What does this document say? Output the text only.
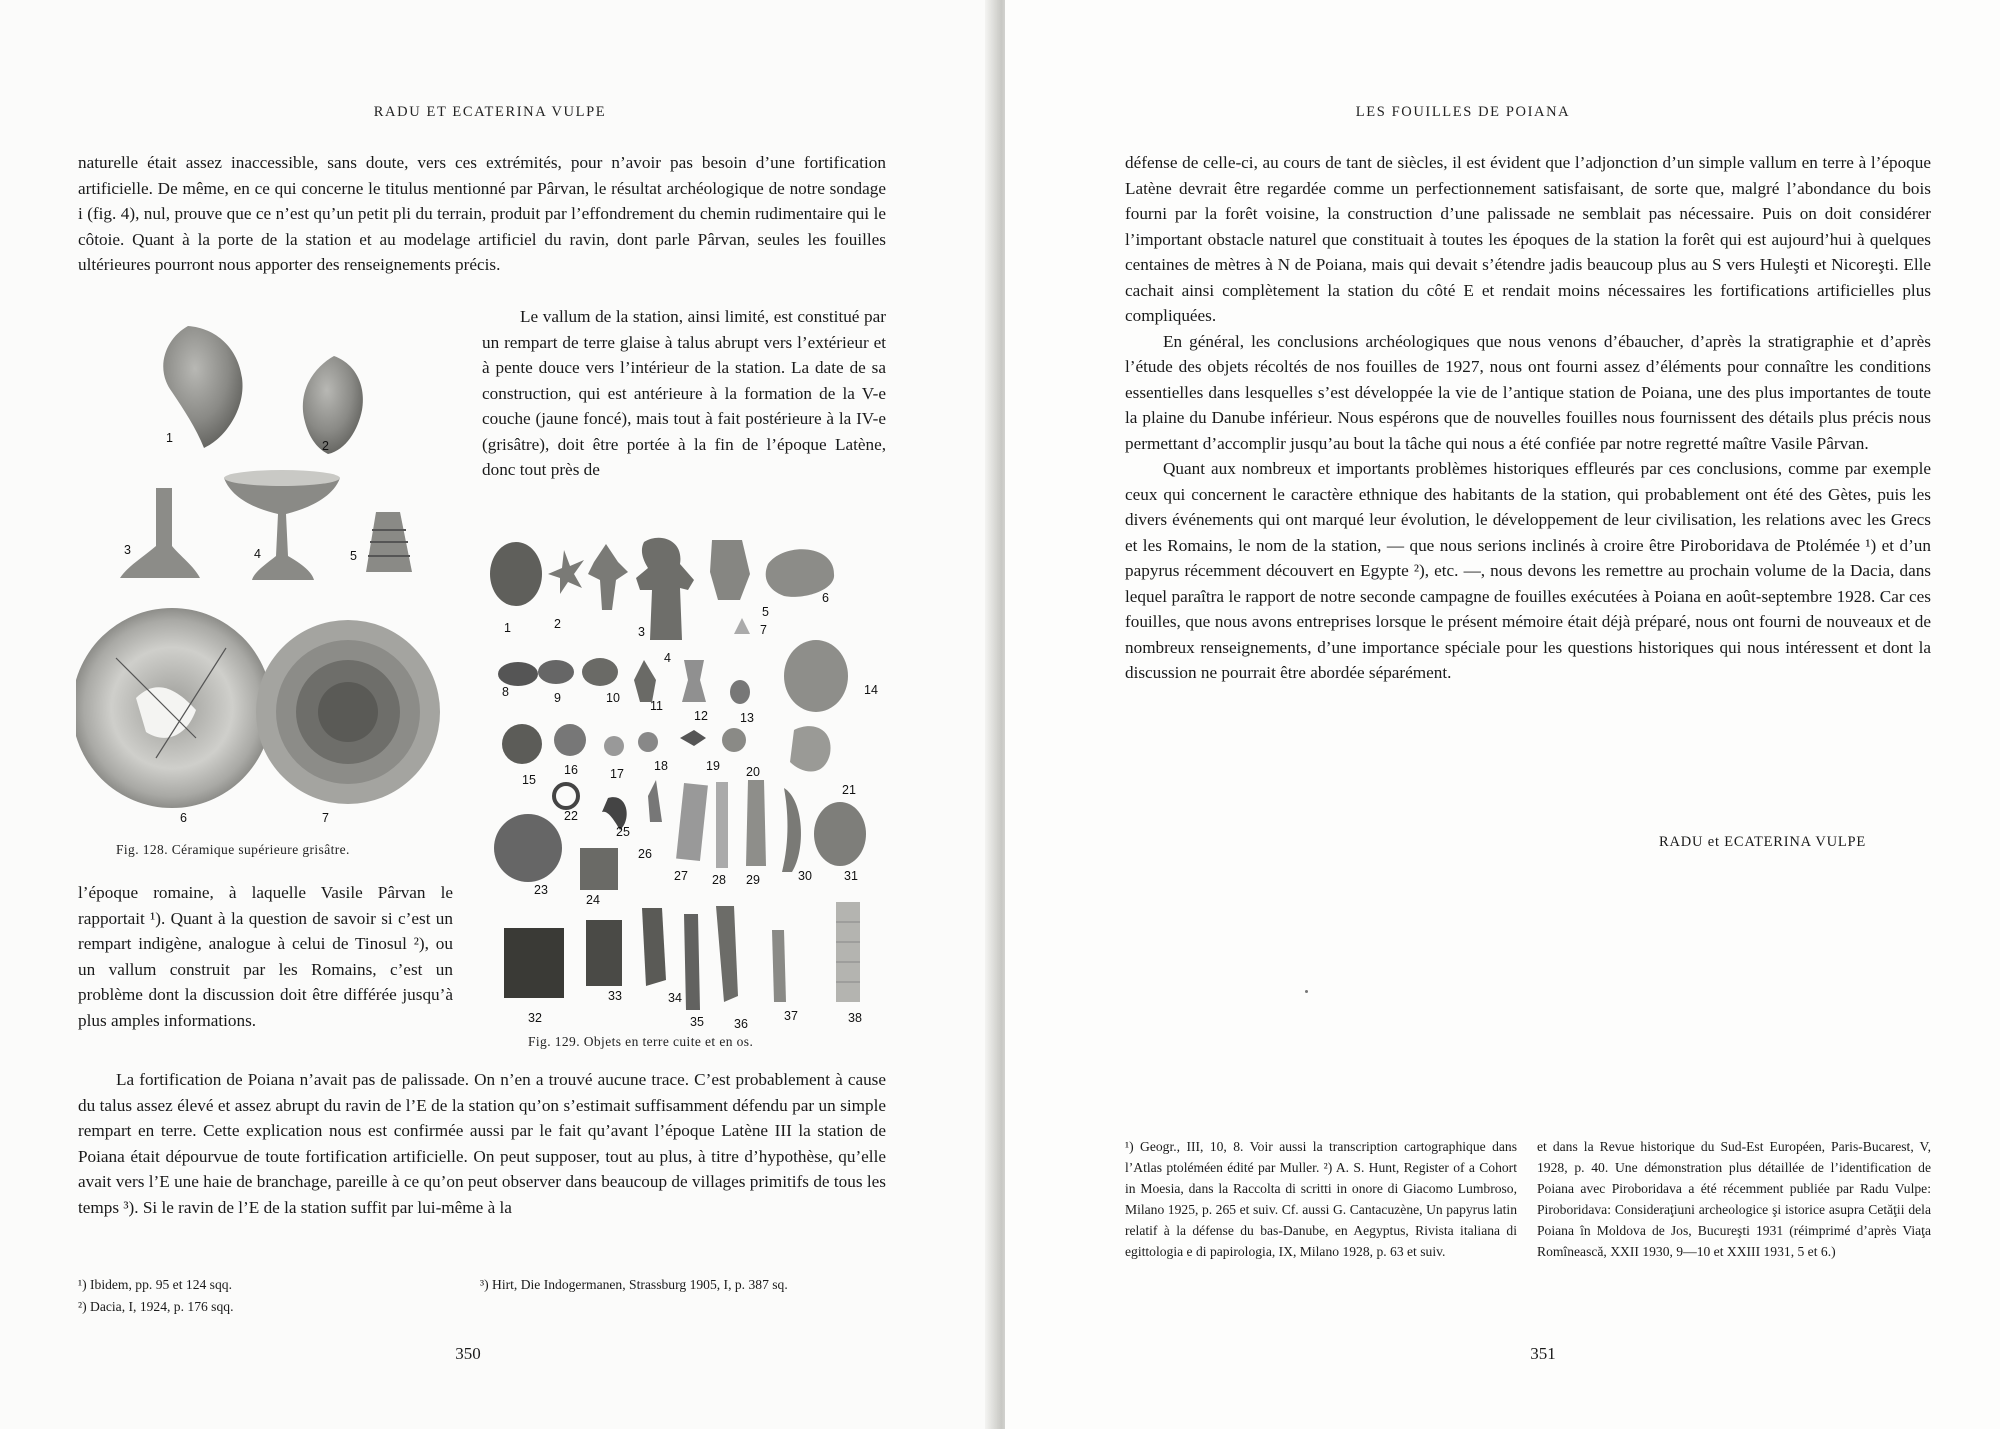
RADU ET ECATERINA VULPE

naturelle était assez inaccessible, sans doute, vers ces extrémités, pour n’avoir pas besoin d’une fortification artificielle. De même, en ce qui concerne le titulus mentionné par Pârvan, le résultat archéologique de notre sondage i (fig. 4), nul, prouve que ce n’est qu’un petit pli du terrain, produit par l’effondrement du chemin rudimentaire qui le côtoie. Quant à la porte de la station et au modelage artificiel du ravin, dont parle Pârvan, seules les fouilles ultérieures pourront nous apporter des renseignements précis.

Le vallum de la station, ainsi limité, est constitué par un rempart de terre glaise à talus abrupt vers l’extérieur et à pente douce vers l’intérieur de la station. La date de sa construction, qui est antérieure à la formation de la V-e couche (jaune foncé), mais tout à fait postérieure à la IV-e (grisâtre), doit être portée à la fin de l’époque Latène, donc tout près de

1
2
3	4	5
6	7
Fig. 128. Céramique supérieure grisâtre.
1	2
3
4
5
6
7
8	9	10
11
12	13
14
15
16	17
18	19 20
21
22
23
24
25
26
27 28 29	30	31
32
33	34
35 36
37	38
Fig. 129. Objets en terre cuite et en os.

l’époque romaine, à laquelle Vasile Pârvan le rapportait ¹). Quant à la question de savoir si c’est un rempart indigène, analogue à celui de Tinosul ²), ou un vallum construit par les Romains, c’est un problème dont la discussion doit être différée jusqu’à plus amples informations.

La fortification de Poiana n’avait pas de palissade. On n’en a trouvé aucune trace. C’est probablement à cause du talus assez élevé et assez abrupt du ravin de l’E de la station qu’on s’estimait suffisamment défendu par un simple rempart en terre. Cette explication nous est confirmée aussi par le fait qu’avant l’époque Latène III la station de Poiana était dépourvue de toute fortification artificielle. On peut supposer, tout au plus, à titre d’hypothèse, qu’elle avait vers l’E une haie de branchage, pareille à ce qu’on peut observer dans beaucoup de villages primitifs de tous les temps ³). Si le ravin de l’E de la station suffit par lui-même à la

¹) Ibidem, pp. 95 et 124 sqq.
²) Dacia, I, 1924, p. 176 sqq.
³) Hirt, Die Indogermanen, Strassburg 1905, I, p. 387 sq.
350
LES FOUILLES DE POIANA

défense de celle-ci, au cours de tant de siècles, il est évident que l’adjonction d’un simple vallum en terre à l’époque Latène devrait être regardée comme un perfectionnement satisfaisant, de sorte que, malgré l’abondance du bois fourni par la forêt voisine, la construction d’une palissade ne semblait pas nécessaire. Puis on doit considérer l’important obstacle naturel que constituait à toutes les époques de la station la forêt qui est aujourd’hui à quelques centaines de mètres à N de Poiana, mais qui devait s’étendre jadis beaucoup plus au S vers Huleşti et Nicoreşti. Elle cachait ainsi complètement la station du côté E et rendait moins nécessaires les fortifications artificielles plus compliquées.

En général, les conclusions archéologiques que nous venons d’ébaucher, d’après la stratigraphie et d’après l’étude des objets récoltés de nos fouilles de 1927, nous ont fourni assez d’éléments pour connaître les conditions essentielles dans lesquelles s’est développée la vie de l’antique station de Poiana, une des plus importantes de toute la plaine du Danube inférieur. Nous espérons que de nouvelles fouilles nous fournissent des détails plus précis nous permettant d’accomplir jusqu’au bout la tâche qui nous a été confiée par notre regretté maître Vasile Pârvan.

Quant aux nombreux et importants problèmes historiques effleurés par ces conclusions, comme par exemple ceux qui concernent le caractère ethnique des habitants de la station, qui probablement ont été des Gètes, puis les divers événements qui ont marqué leur évolution, le développement de leur civilisation, les relations avec les Grecs et les Romains, le nom de la station, — que nous serions inclinés à croire être Piroboridava de Ptolémée ¹) et d’un papyrus récemment découvert en Egypte ²), etc. —, nous devons les remettre au prochain volume de la Dacia, dans lequel paraîtra le rapport de notre seconde campagne de fouilles exécutées à Poiana en août-septembre 1928. Car ces fouilles, que nous avons entreprises lorsque le présent mémoire était déjà préparé, nous ont fourni de nouveaux et de nombreux renseignements, d’une importance spéciale pour les questions historiques qui nous intéressent et dont la discussion ne pourrait être abordée séparément.

RADU et ECATERINA VULPE
¹) Geogr., III, 10, 8. Voir aussi la transcription cartographique dans l’Atlas ptoléméen édité par Muller. ²) A. S. Hunt, Register of a Cohort in Moesia, dans la Raccolta di scritti in onore di Giacomo Lumbroso, Milano 1925, p. 265 et suiv. Cf. aussi G. Cantacuzène, Un papyrus latin relatif à la défense du bas-Danube, en Aegyptus, Rivista italiana di egittologia e di papirologia, IX, Milano 1928, p. 63 et suiv.
et dans la Revue historique du Sud-Est Européen, Paris-Bucarest, V, 1928, p. 40. Une démonstration plus détaillée de l’identification de Poiana avec Piroboridava a été récemment publiée par Radu Vulpe: Piroboridava: Consideraţiuni archeologice şi istorice asupra Cetăţii dela Poiana în Moldova de Jos, Bucureşti 1931 (réimprimé d’après Viaţa Romînească, XXII 1930, 9—10 et XXIII 1931, 5 et 6.)
351
